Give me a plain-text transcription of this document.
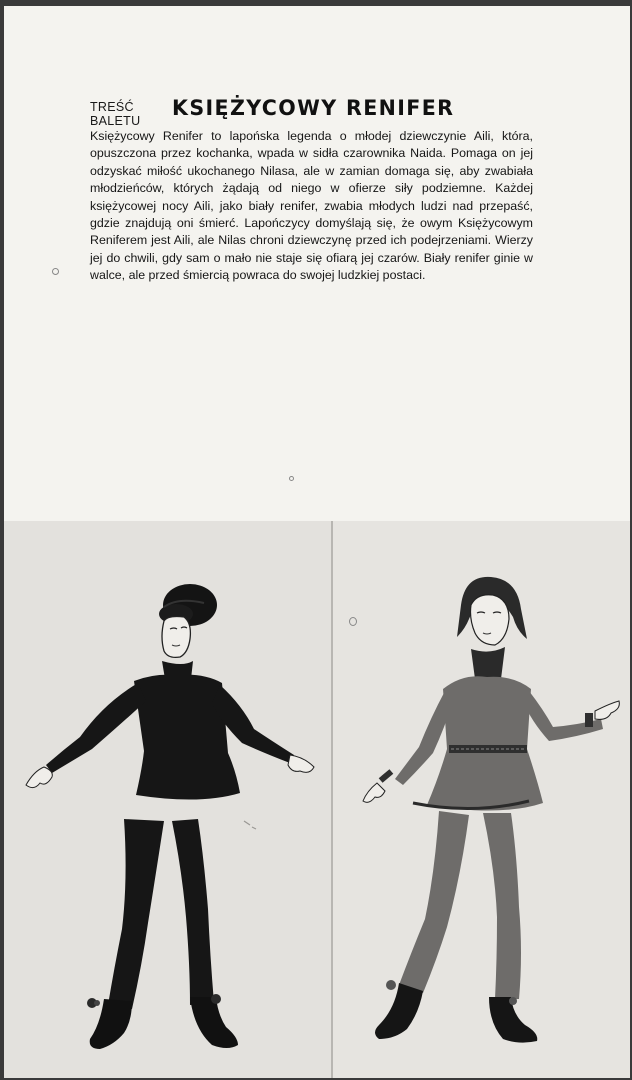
TREŚĆ
BALETU
KSIĘŻYCOWY RENIFER

Księżycowy Renifer to lapońska legenda o młodej dziewczynie Aili, która, opuszczona przez kochanka, wpada w sidła czarownika Naida. Pomaga on jej odzyskać miłość ukochanego Nilasa, ale w zamian domaga się, aby zwabiała młodzieńców, których żądają od niego w ofierze siły podziemne. Każdej księżycowej nocy Aili, jako biały renifer, zwabia młodych ludzi nad przepaść, gdzie znajdują oni śmierć. Lapończycy domyślają się, że owym Księżycowym Reniferem jest Aili, ale Nilas chroni dziewczynę przed ich podejrzeniami. Wierzy jej do chwili, gdy sam o mało nie staje się ofiarą jej czarów. Biały renifer ginie w walce, ale przed śmiercią powraca do swojej ludzkiej postaci.
